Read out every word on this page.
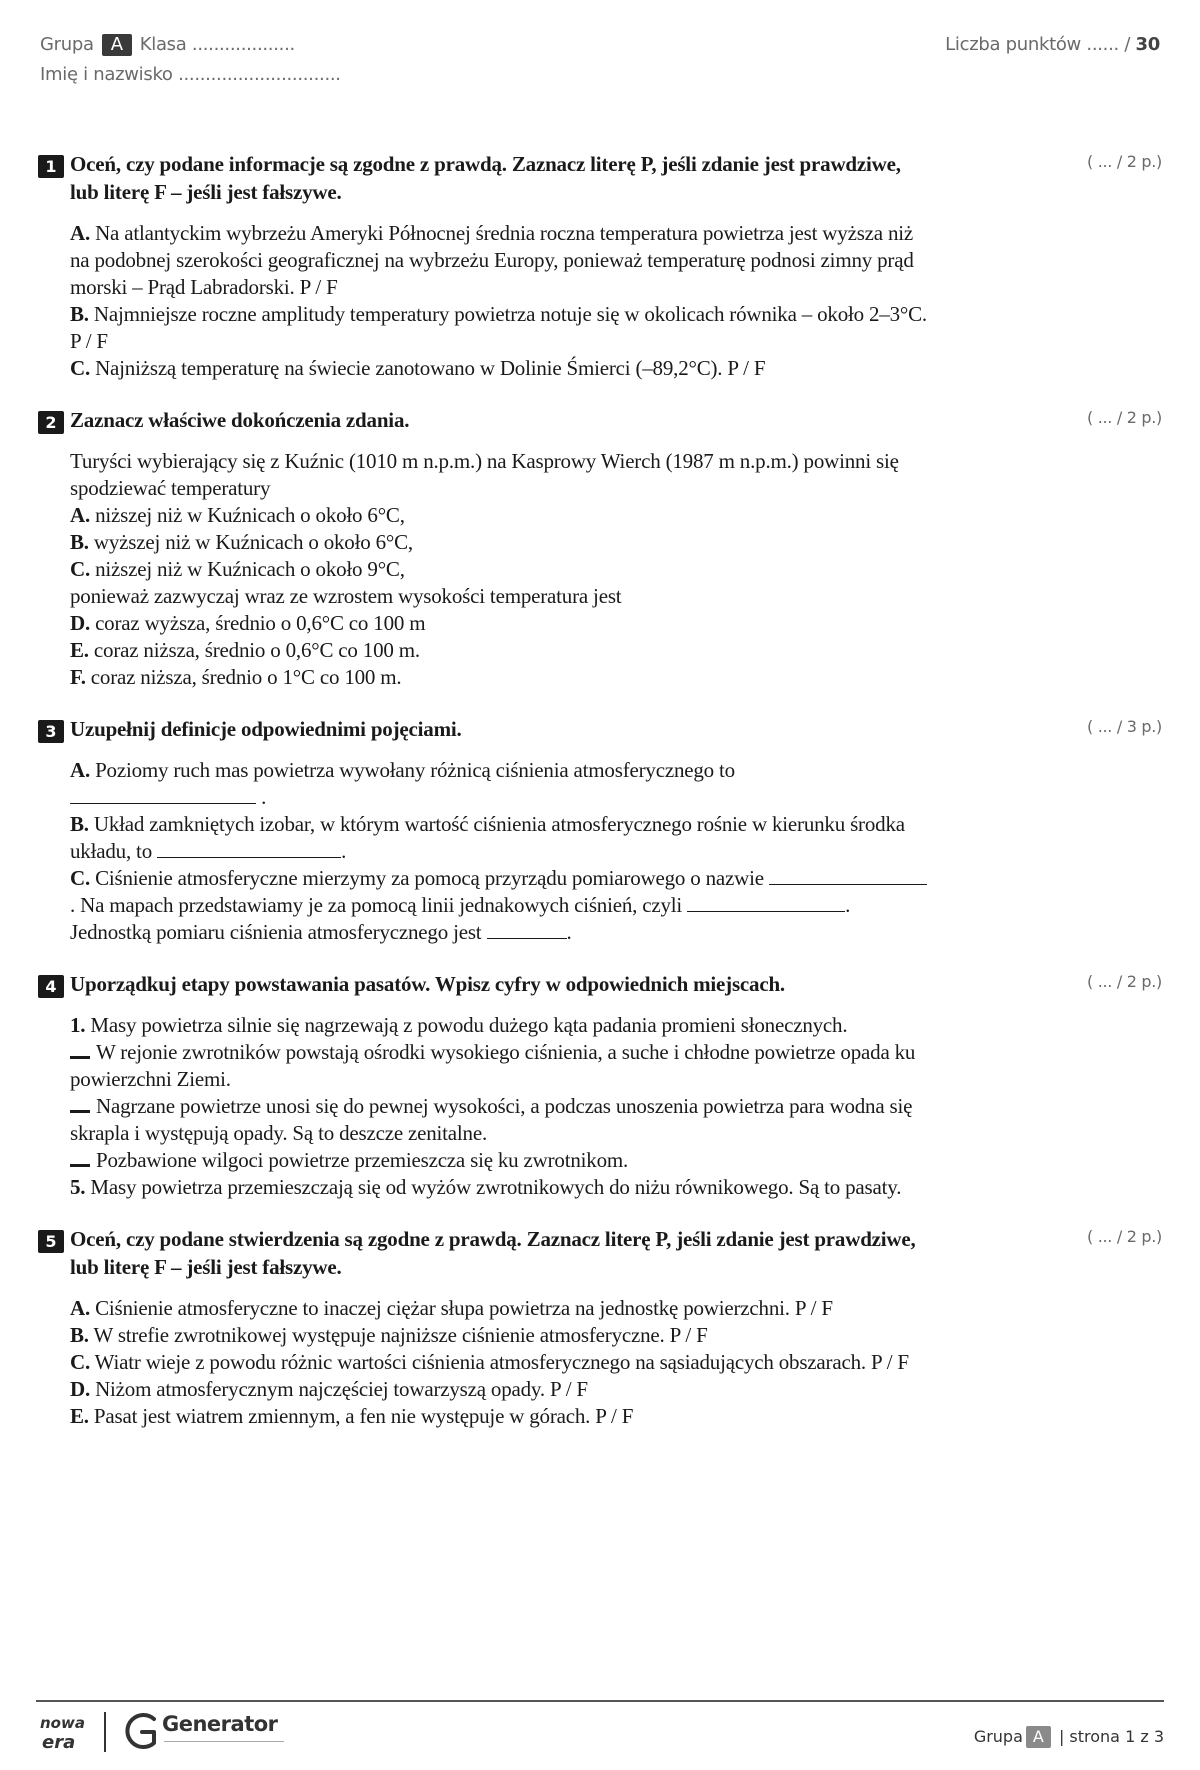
Grupa A Klasa ...................
Imię i nazwisko ..............................
Liczba punktów ...... / 30
1 Oceń, czy podane informacje są zgodne z prawdą. Zaznacz literę P, jeśli zdanie jest prawdziwe, lub literę F – jeśli jest fałszywe.
( ... / 2 p.)

A. Na atlantyckim wybrzeżu Ameryki Północnej średnia roczna temperatura powietrza jest wyższa niż na podobnej szerokości geograficznej na wybrzeżu Europy, ponieważ temperaturę podnosi zimny prąd morski – Prąd Labradorski. P / F

B. Najmniejsze roczne amplitudy temperatury powietrza notuje się w okolicach równika – około 2–3°C. P / F

C. Najniższą temperaturę na świecie zanotowano w Dolinie Śmierci (–89,2°C). P / F

2 Zaznacz właściwe dokończenia zdania.	( ... / 2 p.)

Turyści wybierający się z Kuźnic (1010 m n.p.m.) na Kasprowy Wierch (1987 m n.p.m.) powinni się spodziewać temperatury

A. niższej niż w Kuźnicach o około 6°C,

B. wyższej niż w Kuźnicach o około 6°C,

C. niższej niż w Kuźnicach o około 9°C,

ponieważ zazwyczaj wraz ze wzrostem wysokości temperatura jest

D. coraz wyższa, średnio o 0,6°C co 100 m

E. coraz niższa, średnio o 0,6°C co 100 m.

F. coraz niższa, średnio o 1°C co 100 m.

3 Uzupełnij definicje odpowiednimi pojęciami.	( ... / 3 p.)

A. Poziomy ruch mas powietrza wywołany różnicą ciśnienia atmosferycznego to
.

B. Układ zamkniętych izobar, w którym wartość ciśnienia atmosferycznego rośnie w kierunku środka układu, to	.

C. Ciśnienie atmosferyczne mierzymy za pomocą przyrządu pomiarowego o nazwie . Na mapach przedstawiamy je za pomocą linii jednakowych ciśnień, czyli	. Jednostką pomiaru ciśnienia atmosferycznego jest	.

4 Uporządkuj etapy powstawania pasatów. Wpisz cyfry w odpowiednich miejscach.	( ... / 2 p.)

1. Masy powietrza silnie się nagrzewają z powodu dużego kąta padania promieni słonecznych.

W rejonie zwrotników powstają ośrodki wysokiego ciśnienia, a suche i chłodne powietrze opada ku powierzchni Ziemi.

Nagrzane powietrze unosi się do pewnej wysokości, a podczas unoszenia powietrza para wodna się skrapla i występują opady. Są to deszcze zenitalne.

Pozbawione wilgoci powietrze przemieszcza się ku zwrotnikom.

5. Masy powietrza przemieszczają się od wyżów zwrotnikowych do niżu równikowego. Są to pasaty.

5 Oceń, czy podane stwierdzenia są zgodne z prawdą. Zaznacz literę P, jeśli zdanie jest prawdziwe, lub literę F – jeśli jest fałszywe.
( ... / 2 p.)

A. Ciśnienie atmosferyczne to inaczej ciężar słupa powietrza na jednostkę powierzchni. P / F

B. W strefie zwrotnikowej występuje najniższe ciśnienie atmosferyczne. P / F

C. Wiatr wieje z powodu różnic wartości ciśnienia atmosferycznego na sąsiadujących obszarach. P / F

D. Niżom atmosferycznym najczęściej towarzyszą opady. P / F

E. Pasat jest wiatrem zmiennym, a fen nie występuje w górach. P / F

nowa
era
Generator
Grupa A | strona 1 z 3
